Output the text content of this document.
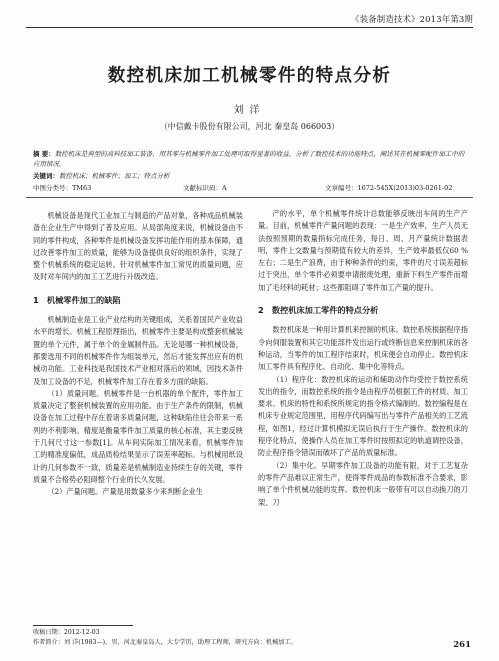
《装备制造技术》2013年第3期
数控机床加工机械零件的特点分析
刘洋
（中信戴卡股份有限公司，河北 秦皇岛 066003）
摘 要：数控机床是典型的高科技加工装备，用其零与机械零件加工处理可取得显著的收益。分析了数控技术的功能特点，阐述其在机械零配件加工中的应用情况。
关键词：数控机床；机械零件；加工；特点分析
中图分类号：TM63	文献标识码：A	文章编号：1672-545X(2013)03-0261-02

机械设备是现代工业加工与制造的产品对象，各种成品机械装备在企业生产中得到了普及应用。从局部角度来说，机械设备由不同的零件构成，各种零件是机械设备发挥功能作用的基本保障，通过改善零件加工的质量，能够为设备提供良好的组织条件，实现了整个机械系统的稳定运转。针对机械零件加工常见的质量问题，应及时对车间内的加工工艺进行升级改造。

1　机械零件加工的缺陷

机械制造业是工业产业结构的关键组成，关系着国民产业收益水平的增长。机械工程原理指出，机械零件主要是构成整套机械装置的单个元件，属于单个的金属制件品。无论是哪一种机械设备，都要选用不同的机械零件作为组装单元，然后才能发挥出应有的机械动功能。工业科技是我国技术产业相对落后的领域，因技术条件及加工设备的不足，机械零件加工存在着多方面的缺陷。

（1）质量问题。机械零件是一台机器的单个配件，零件加工质量决定了整套机械装置的应用功能。由于生产条件的限制，机械设备在加工过程中存在着诸多质量问题，这种缺陷往往会带来一系列的不利影响。精度是衡量零件加工质量的核心标准，其主要反映于几何尺寸这一参数[1]。从车间实际加工情况来看，机械零件加工的精准度偏低，成品质检结果显示了误差率超标。与机械用纸设计的几何参数不一致，质量差是机械制造业持续生存的关键，零件质量不合格势必阻碍整个行业的长久发展。

（2）产量问题。产量是用数量多少来判断企业生

产的水平，单个机械零件统计总数能够反映出车间的生产产量。目前，机械零件产量问题的表现：一是生产效率，生产人员无法按照预期的数量指标完成任务，每日、周、月产量统计数据表明，零件上交数量与预期值有较大的差异，生产效率最低仅60 %左右；二是生产浪费，由于种种条件的约束，零件的尺寸误差超标过于突出，单个零件必须要申请报废处理，重新下料生产零件而增加了毛坯料的耗材；这些都阻碍了零件加工产量的提升。

2　数控机床加工零件的特点分析

数控机床是一种用计算机来控制的机床。数控系统根据程序指令向伺服装置和其它功能部件发出运行或终断信息来控制机床的各种运动，当零件的加工程序结束时，机床便会自动停止。数控机床加工零件具有程序化、自动化、集中化等特点。

（1）程序化：数控机床的运动和辅助动作均受控于数控系统发出的指令，而数控系统的指令是由程序员根据工件的材质、加工要求、机床的特性和系统所规定的指令格式编制的。数控编程是在机床专业规定范围里，用程序代码编写出与零件产品相关的工艺流程，如图1，经过计算机模拟无误后执行于生产操作。数控机床的程序化特点，使操作人员在加工零件时按照拟定的轨道调控设备，防止程序指令错误而破坏了产品的质量标准。

（2）集中化。早期零件加工设备的功能有限，对于工艺复杂的零件产品难以正常生产，使得零件成品的参数标准不合要求，影响了单个件机械功能的发挥。数控机床一般带有可以自动换刀的刀架、刀

收稿日期：2012-12-03
作者简介：刘 洋(1983—)，男，河北秦皇岛人，大专学历，助理工程师，研究方向：机械加工。	261
